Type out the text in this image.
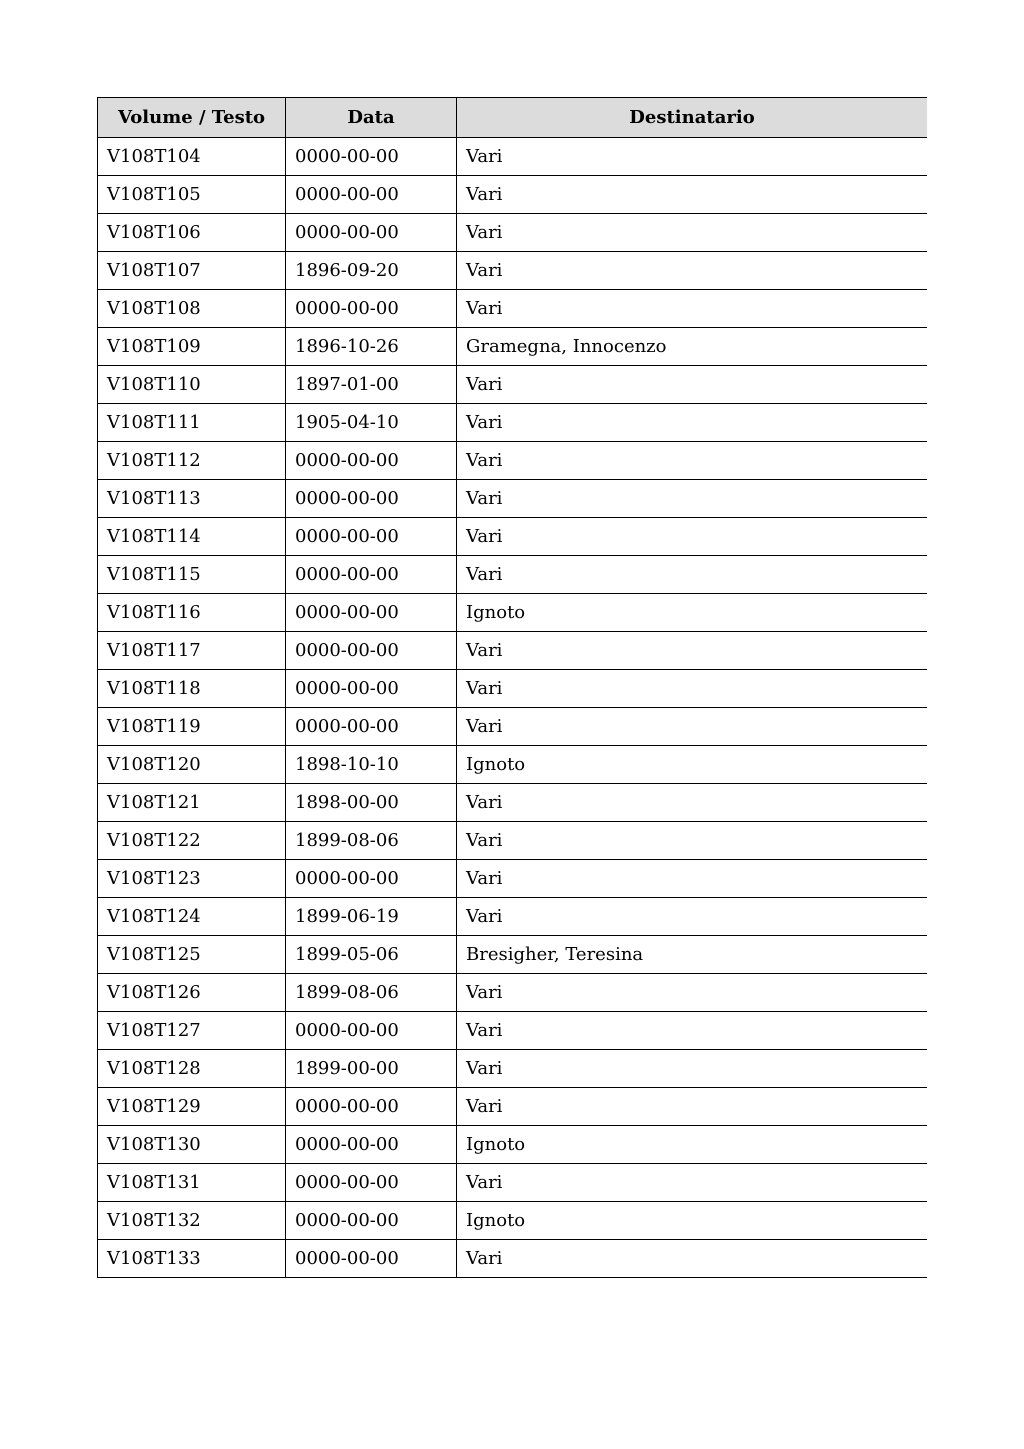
Volume / Testo	Data	Destinatario
V108T104	0000-00-00	Vari
V108T105	0000-00-00	Vari
V108T106	0000-00-00	Vari
V108T107	1896-09-20	Vari
V108T108	0000-00-00	Vari
V108T109	1896-10-26	Gramegna, Innocenzo
V108T110	1897-01-00	Vari
V108T111	1905-04-10	Vari
V108T112	0000-00-00	Vari
V108T113	0000-00-00	Vari
V108T114	0000-00-00	Vari
V108T115	0000-00-00	Vari
V108T116	0000-00-00	Ignoto
V108T117	0000-00-00	Vari
V108T118	0000-00-00	Vari
V108T119	0000-00-00	Vari
V108T120	1898-10-10	Ignoto
V108T121	1898-00-00	Vari
V108T122	1899-08-06	Vari
V108T123	0000-00-00	Vari
V108T124	1899-06-19	Vari
V108T125	1899-05-06	Bresigher, Teresina
V108T126	1899-08-06	Vari
V108T127	0000-00-00	Vari
V108T128	1899-00-00	Vari
V108T129	0000-00-00	Vari
V108T130	0000-00-00	Ignoto
V108T131	0000-00-00	Vari
V108T132	0000-00-00	Ignoto
V108T133	0000-00-00	Vari
